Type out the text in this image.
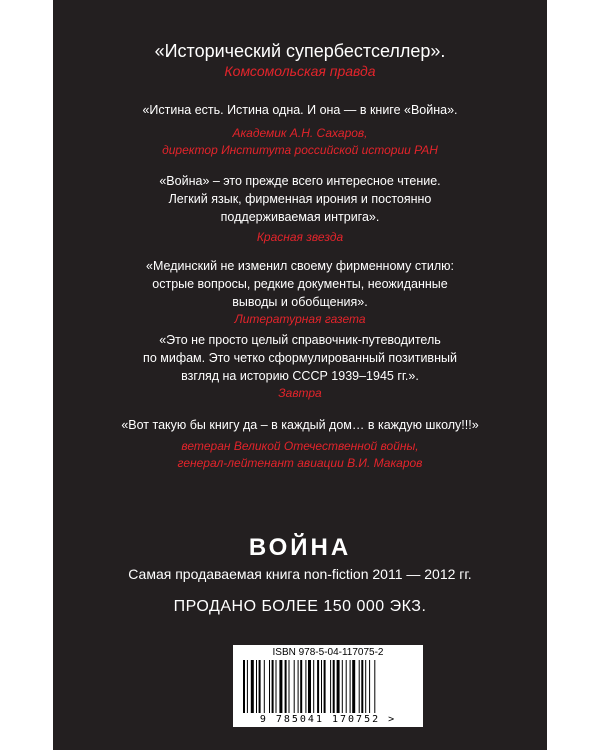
«Исторический супербестселлер».
Комсомольская правда

«Истина есть. Истина одна. И она — в книге «Война».

Академик А.Н. Сахаров,

директор Института российской истории РАН

«Война» – это прежде всего интересное чтение.

Легкий язык, фирменная ирония и постоянно

поддерживаемая интрига».

Красная звезда

«Мединский не изменил своему фирменному стилю:

острые вопросы, редкие документы, неожиданные

выводы и обобщения».

Литературная газета

«Это не просто целый справочник-путеводитель

по мифам. Это четко сформулированный позитивный

взгляд на историю СССР 1939–1945 гг.».

Завтра

«Вот такую бы книгу да – в каждый дом… в каждую школу!!!»

ветеран Великой Отечественной войны,

генерал-лейтенант авиации В.И. Макаров

ВОЙНА
Самая продаваемая книга non-fiction 2011 — 2012 гг.
ПРОДАНО БОЛЕЕ 150 000 ЭКЗ.
ISBN 978-5-04-117075-2
9 785041 170752 >
